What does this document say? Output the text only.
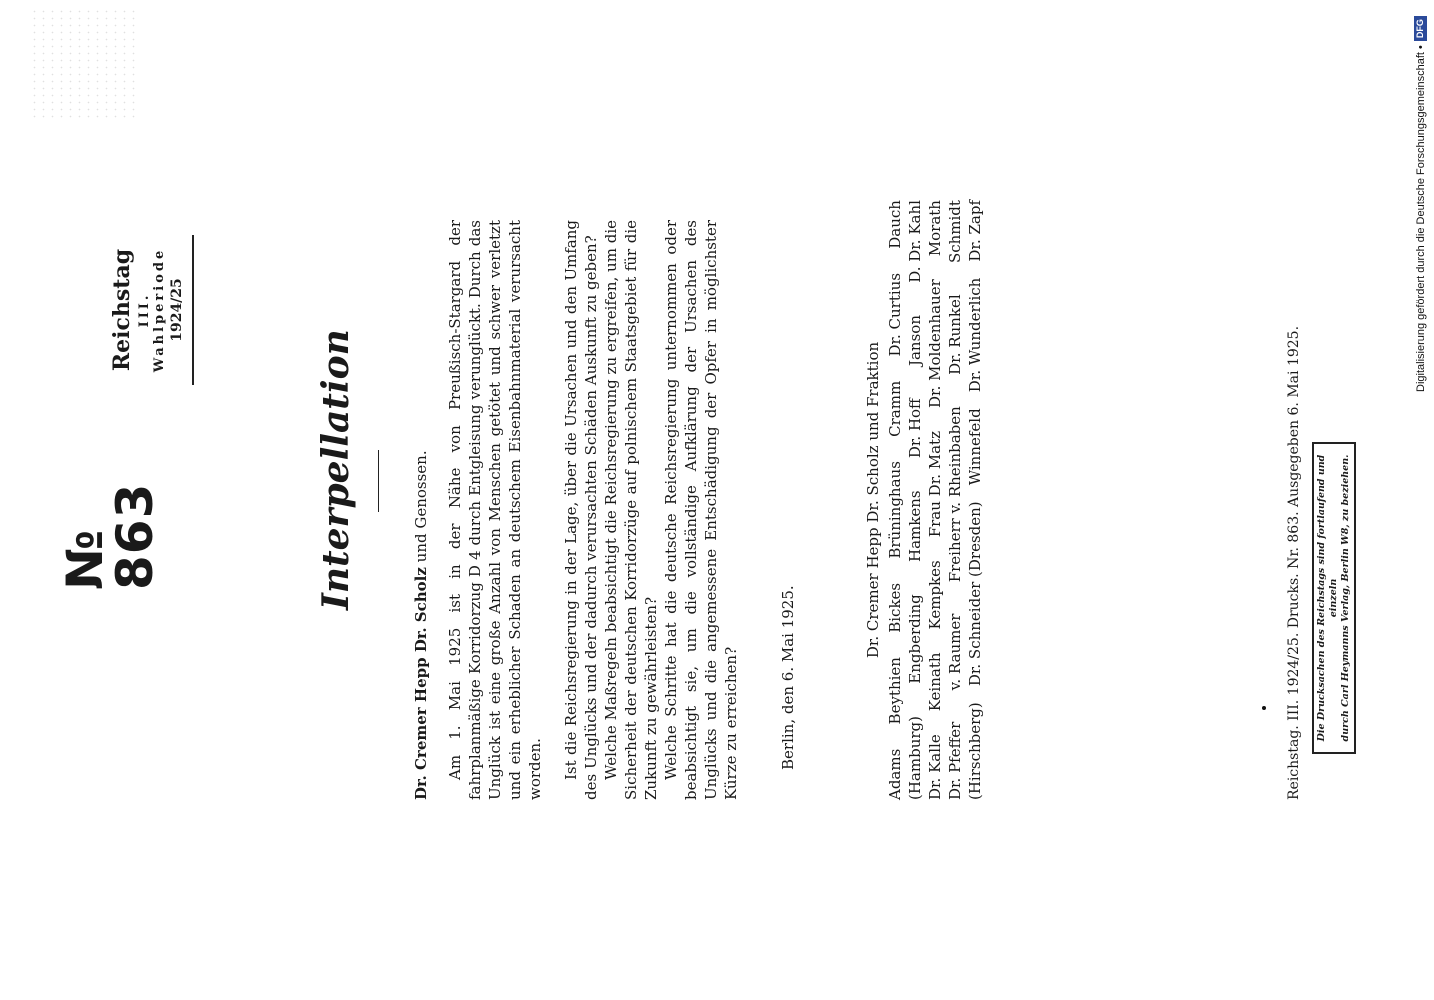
№ 863
Reichstag III. Wahlperiode 1924/25
Interpellation
Dr. Cremer Hepp Dr. Scholz und Genossen. Am 1. Mai 1925 ist in der Nähe von Preußisch-Stargard der fahrplanmäßige Korridorzug D 4 durch Entgleisung verunglückt. Durch das Unglück ist eine große Anzahl von Menschen getötet und schwer verletzt und ein erheblicher Schaden an deutschem Eisenbahnmaterial verursacht worden. Ist die Reichsregierung in der Lage, über die Ursachen und den Umfang des Unglücks und der dadurch verursachten Schäden Auskunft zu geben? Welche Maßregeln beabsichtigt die Reichsregierung zu ergreifen, um die Sicherheit der deutschen Korridorzüge auf polnischem Staatsgebiet für die Zukunft zu gewährleisten? Welche Schritte hat die deutsche Reichsregierung unternommen oder beabsichtigt sie, um die vollständige Aufklärung der Ursachen des Unglücks und die angemessene Entschädigung der Opfer in möglichster Kürze zu erreichen?	Berlin, den 6. Mai 1925.
Dr. Cremer Hepp Dr. Scholz und Fraktion
Adams
Beythien
Bickes
Brüninghaus
Cramm
Dr. Curtius
Dauch
(Hamburg)
Engberding
Hamkens
Dr. Hoff
Janson
D. Dr. Kahl
Dr. Kalle
Keinath
Kempkes
Frau Dr. Matz
Dr. Moldenhauer
Morath
Dr. Pfeffer
v. Raumer
Freiherr v. Rheinbaben
Dr. Runkel
Schmidt
(Hirschberg)
Dr. Schneider (Dresden)
Winnefeld
Dr. Wunderlich
Dr. Zapf
Reichstag. III. 1924/25. Drucks. Nr. 863. Ausgegeben 6. Mai 1925. Die Drucksachen des Reichstags sind fortlaufend und einzeln durch Carl Heymanns Verlag, Berlin W8, zu beziehen.
Digitalisierung gefördert durch die Deutsche Forschungsgemeinschaft •
DFG
